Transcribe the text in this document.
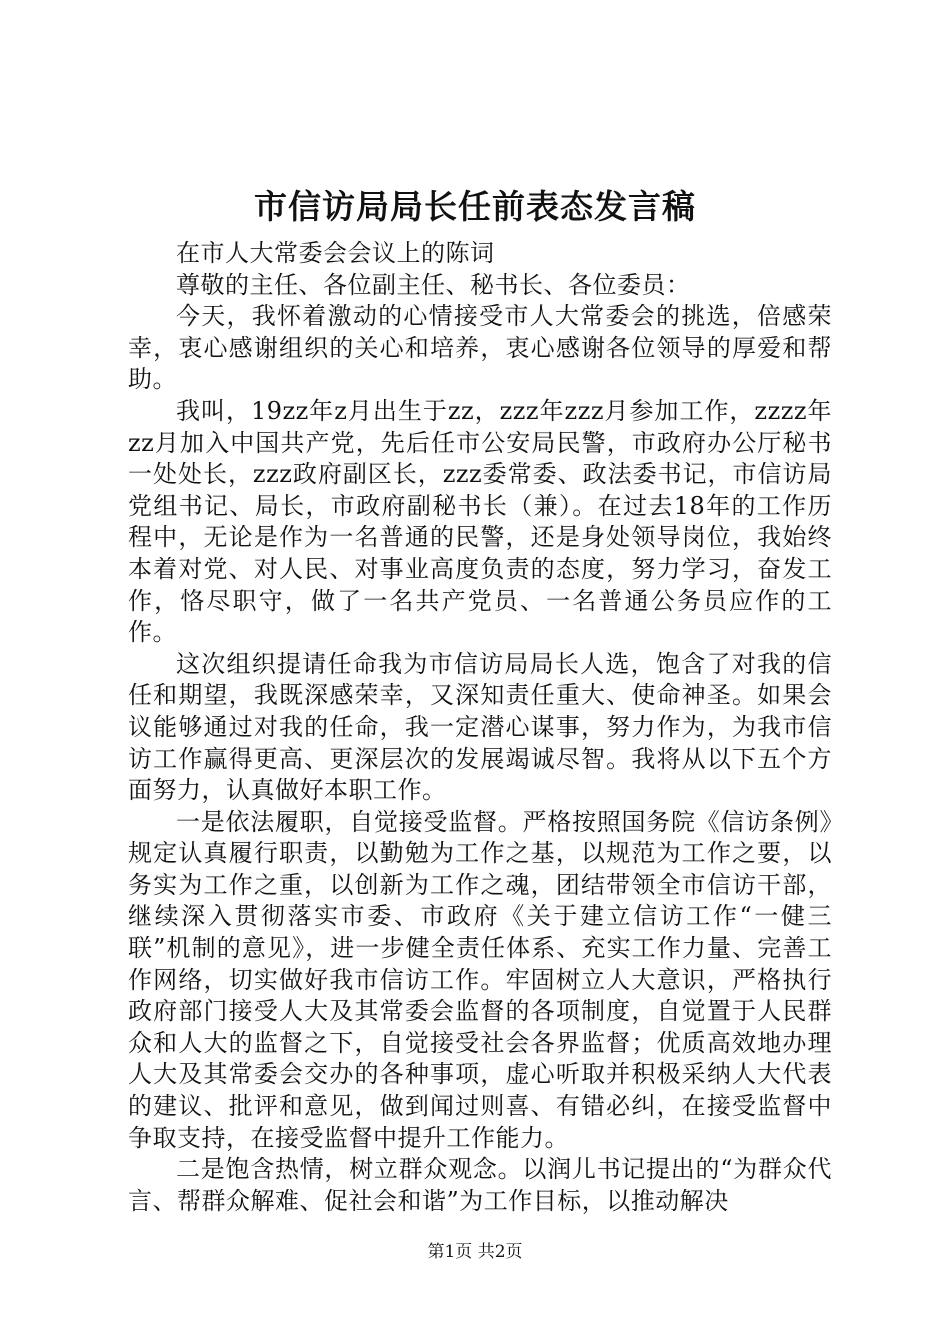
市信访局局长任前表态发言稿

在市人大常委会会议上的陈词

尊敬的主任、各位副主任、秘书长、各位委员：

今天，我怀着激动的心情接受市人大常委会的挑选，倍感荣幸，衷心感谢组织的关心和培养，衷心感谢各位领导的厚爱和帮助。

我叫，19zz年z月出生于zz，zzz年zzz月参加工作，zzzz年zz月加入中国共产党，先后任市公安局民警，市政府办公厅秘书一处处长，zzz政府副区长，zzz委常委、政法委书记，市信访局党组书记、局长，市政府副秘书长（兼）。在过去18年的工作历程中，无论是作为一名普通的民警，还是身处领导岗位，我始终本着对党、对人民、对事业高度负责的态度，努力学习，奋发工作，恪尽职守，做了一名共产党员、一名普通公务员应作的工作。

这次组织提请任命我为市信访局局长人选，饱含了对我的信任和期望，我既深感荣幸，又深知责任重大、使命神圣。如果会议能够通过对我的任命，我一定潜心谋事，努力作为，为我市信访工作赢得更高、更深层次的发展竭诚尽智。我将从以下五个方面努力，认真做好本职工作。

一是依法履职，自觉接受监督。严格按照国务院《信访条例》规定认真履行职责，以勤勉为工作之基，以规范为工作之要，以务实为工作之重，以创新为工作之魂，团结带领全市信访干部，继续深入贯彻落实市委、市政府《关于建立信访工作“一健三联”机制的意见》，进一步健全责任体系、充实工作力量、完善工作网络，切实做好我市信访工作。牢固树立人大意识，严格执行政府部门接受人大及其常委会监督的各项制度，自觉置于人民群众和人大的监督之下，自觉接受社会各界监督；优质高效地办理人大及其常委会交办的各种事项，虚心听取并积极采纳人大代表的建议、批评和意见，做到闻过则喜、有错必纠，在接受监督中争取支持，在接受监督中提升工作能力。

二是饱含热情，树立群众观念。以润儿书记提出的“为群众代言、帮群众解难、促社会和谐”为工作目标，以推动解决

第1页 共2页
